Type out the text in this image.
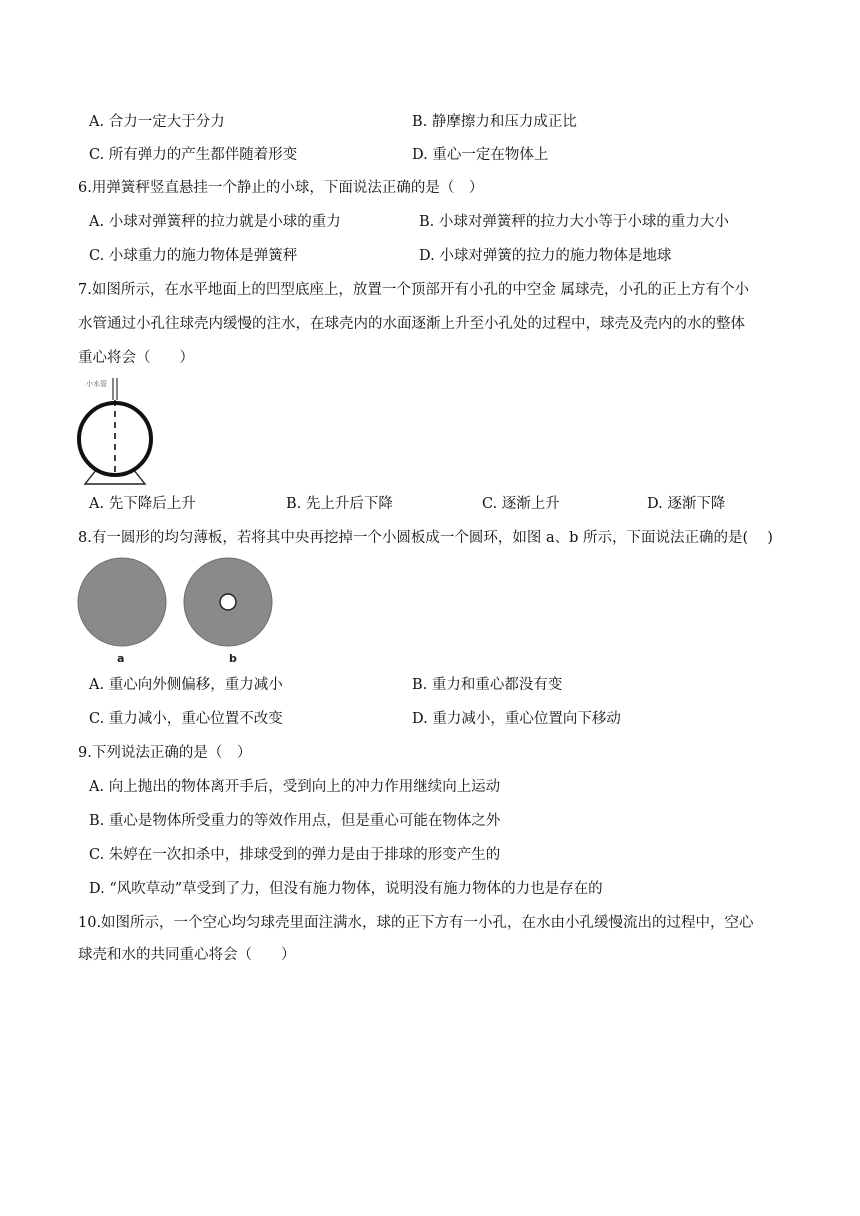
A. 合力一定大于分力	B. 静摩擦力和压力成正比
C. 所有弹力的产生都伴随着形变	D. 重心一定在物体上
6.用弹簧秤竖直悬挂一个静止的小球，下面说法正确的是（　）
A. 小球对弹簧秤的拉力就是小球的重力	B. 小球对弹簧秤的拉力大小等于小球的重力大小
C. 小球重力的施力物体是弹簧秤	D. 小球对弹簧的拉力的施力物体是地球
7.如图所示，在水平地面上的凹型底座上，放置一个顶部开有小孔的中空金 属球壳，小孔的正上方有个小
水管通过小孔往球壳内缓慢的注水，在球壳内的水面逐渐上升至小孔处的过程中，球壳及壳内的水的整体
重心将会（　　）
小水管
A. 先下降后上升	B. 先上升后下降	C. 逐渐上升	D. 逐渐下降
8.有一圆形的均匀薄板，若将其中央再挖掉一个小圆板成一个圆环，如图 a、b 所示，下面说法正确的是(　 )
a	b
A. 重心向外侧偏移，重力减小	B. 重力和重心都没有变
C. 重力减小，重心位置不改变	D. 重力减小，重心位置向下移动
9.下列说法正确的是（　）
A. 向上抛出的物体离开手后，受到向上的冲力作用继续向上运动
B. 重心是物体所受重力的等效作用点，但是重心可能在物体之外
C. 朱婷在一次扣杀中，排球受到的弹力是由于排球的形变产生的
D. “风吹草动”草受到了力，但没有施力物体，说明没有施力物体的力也是存在的
10.如图所示，一个空心均匀球壳里面注满水，球的正下方有一小孔，在水由小孔缓慢流出的过程中，空心
球壳和水的共同重心将会（　　）
